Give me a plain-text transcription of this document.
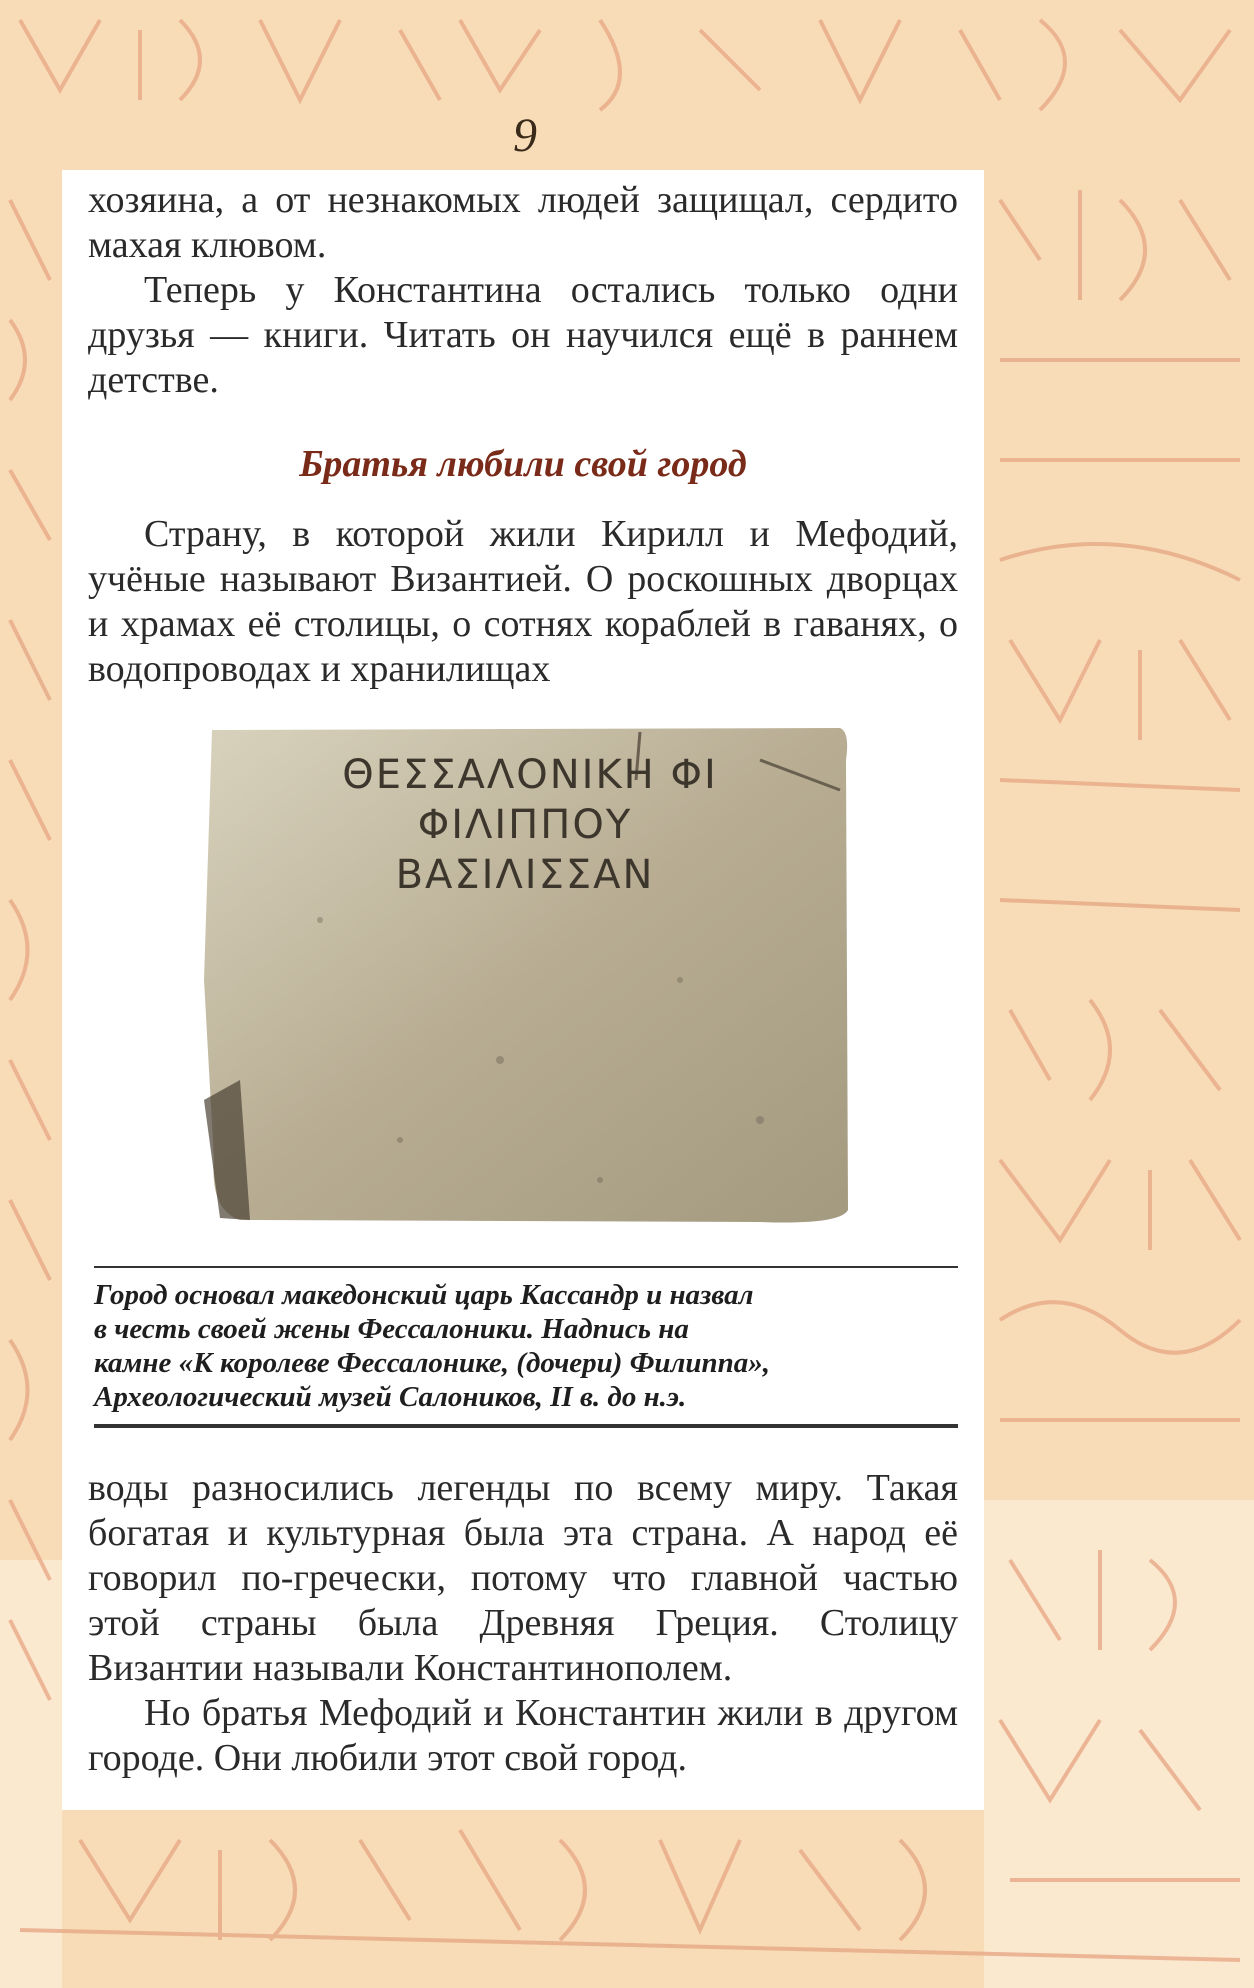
9

хозяина, а от незнакомых людей защищал, сердито махая клювом.

Теперь у Константина остались только одни друзья — книги. Читать он научился ещё в раннем детстве.

Братья любили свой город

Страну, в которой жили Кирилл и Мефодий, учёные называют Византией. О роскошных дворцах и храмах её столицы, о сотнях кораблей в гаванях, о водопроводах и хранилищах

ΘΕΣΣΑΛΟΝΙΚΗ ΦΙ
ΦΙΛΙΠΠΟΥ
ΒΑΣΙΛΙΣΣΑΝ

Город основал македонский царь Кассандр и назвал

в честь своей жены Фессалоники. Надпись на

камне «К королеве Фессалонике, (дочери) Филиппа»,

Археологический музей Салоников, II в. до н.э.

воды разносились легенды по всему миру. Такая богатая и культурная была эта страна. А народ её говорил по-гречески, потому что главной частью этой страны была Древняя Греция. Столицу Византии называли Константинополем.

Но братья Мефодий и Константин жили в другом городе. Они любили этот свой город.
